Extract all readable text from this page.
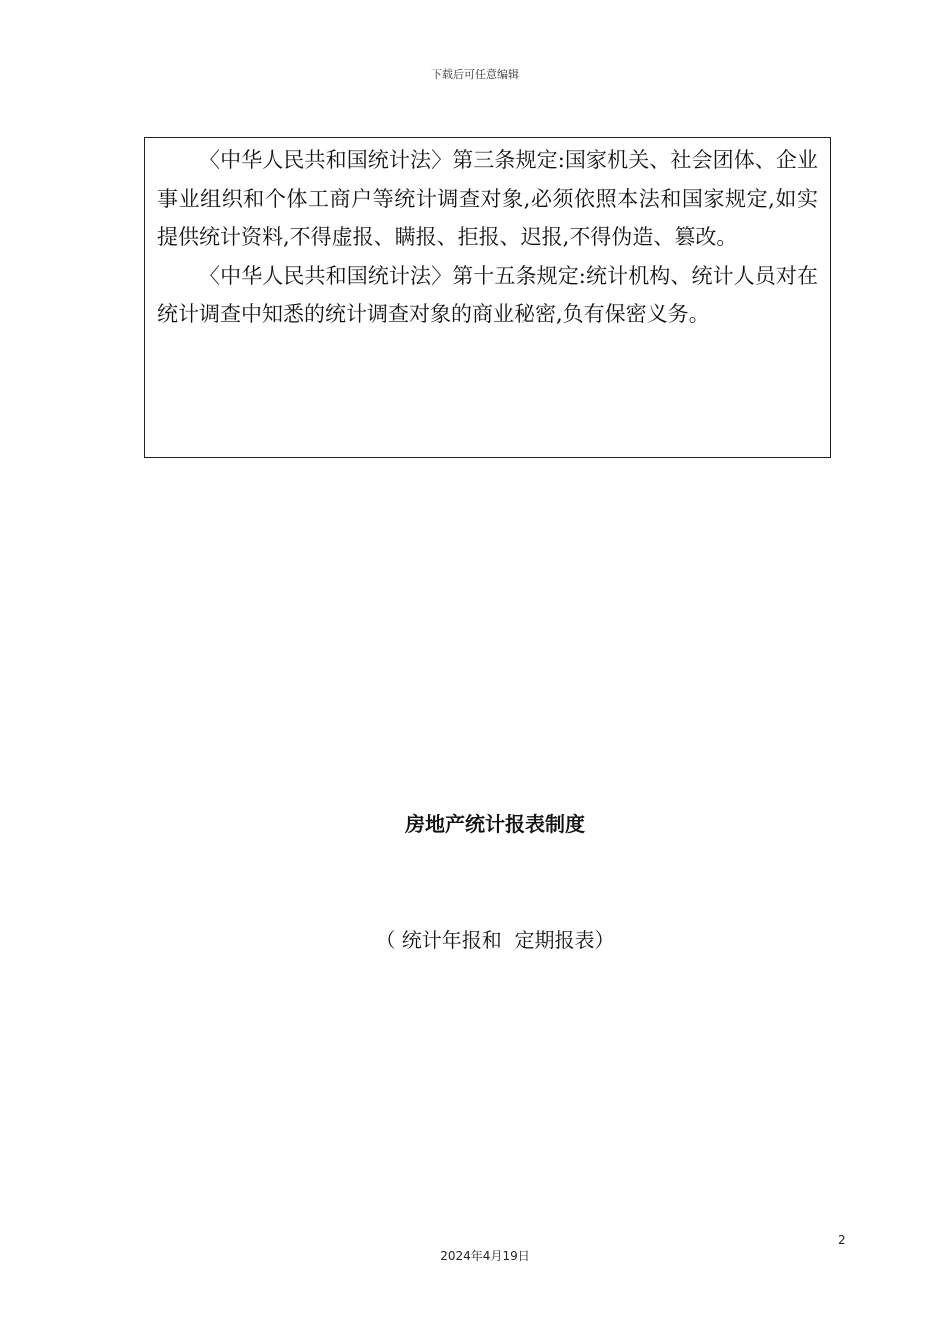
下载后可任意编辑

〈中华人民共和国统计法〉第三条规定:国家机关、社会团体、企业事业组织和个体工商户等统计调查对象,必须依照本法和国家规定,如实提供统计资料,不得虚报、瞒报、拒报、迟报,不得伪造、篡改。

〈中华人民共和国统计法〉第十五条规定:统计机构、统计人员对在统计调查中知悉的统计调查对象的商业秘密,负有保密义务。

房地产统计报表制度
（ 统计年报和  定期报表）
2
2024年4月19日
